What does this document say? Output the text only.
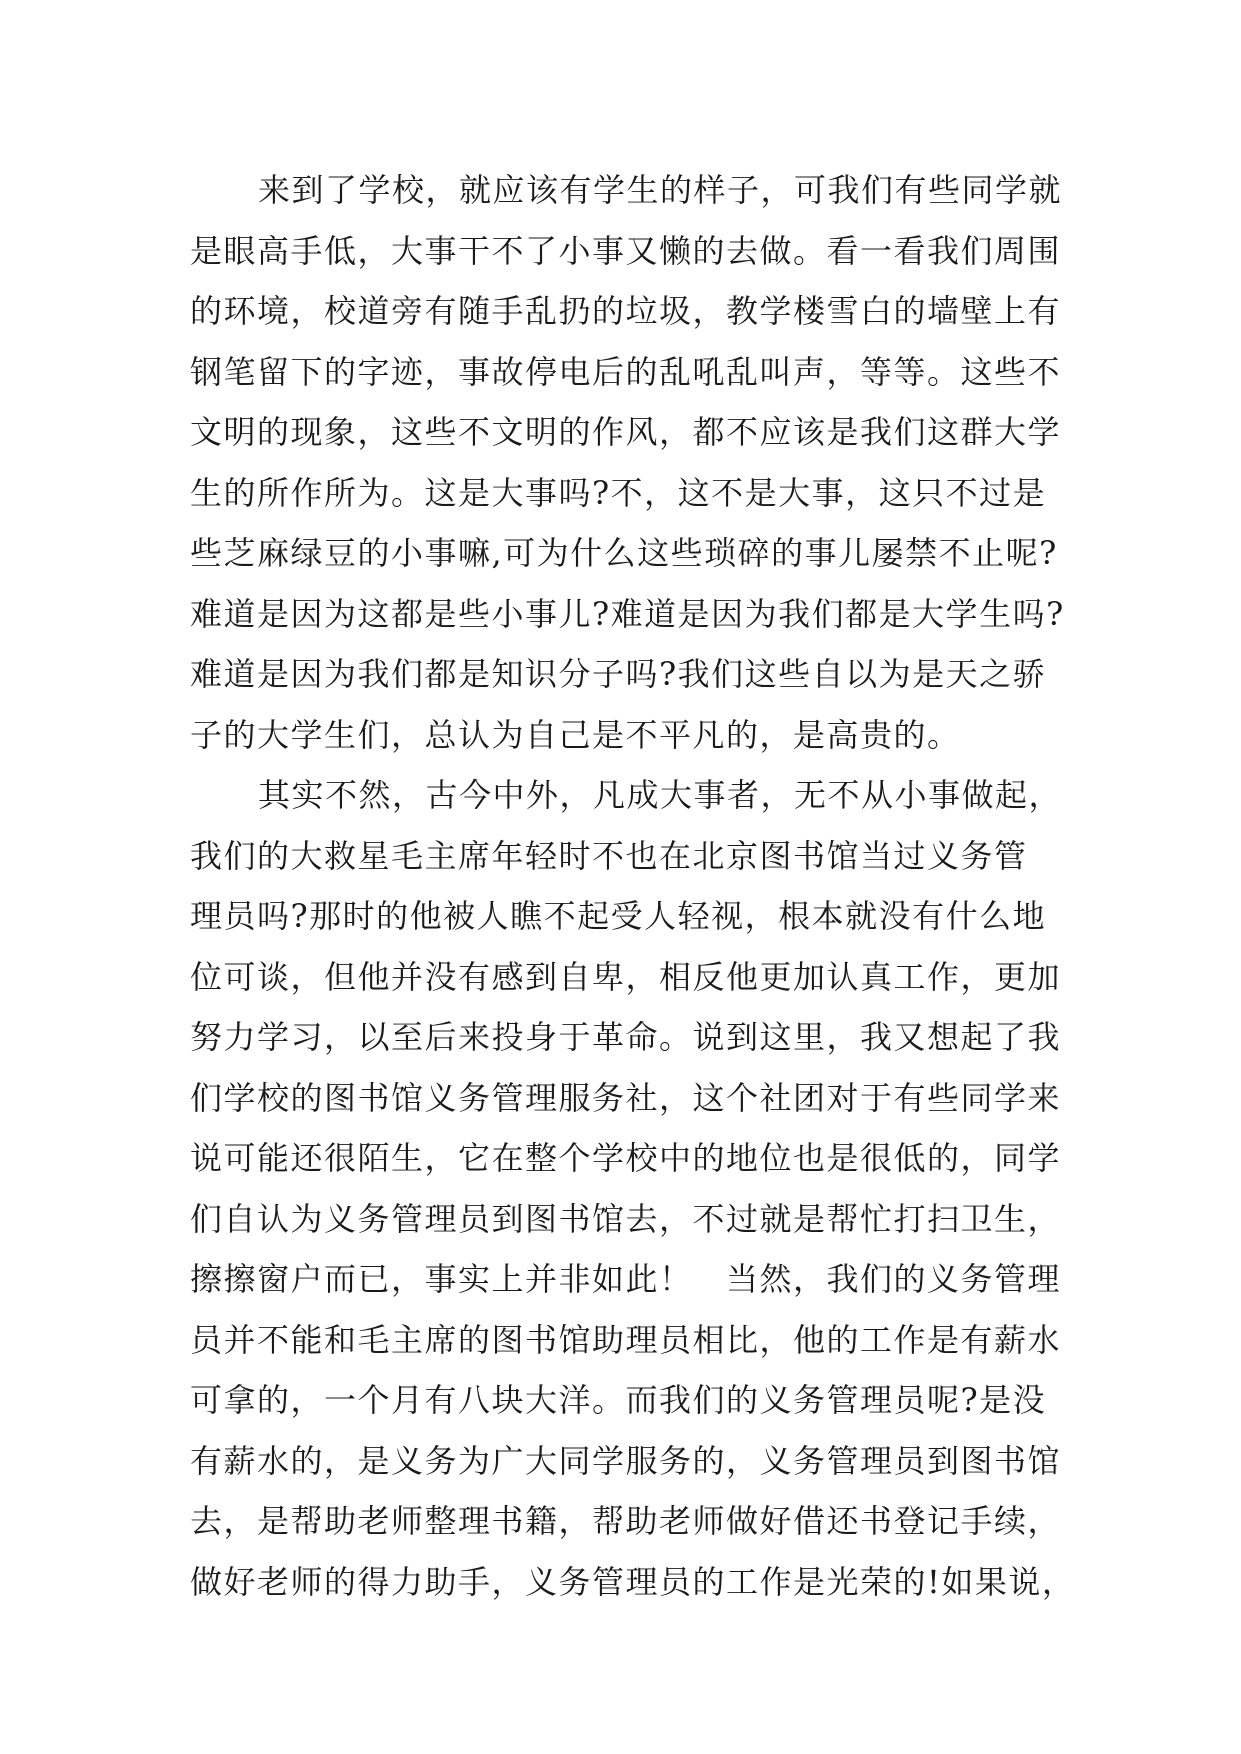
来到了学校，就应该有学生的样子，可我们有些同学就
是眼高手低，大事干不了小事又懒的去做。看一看我们周围
的环境，校道旁有随手乱扔的垃圾，教学楼雪白的墙壁上有
钢笔留下的字迹，事故停电后的乱吼乱叫声，等等。这些不
文明的现象，这些不文明的作风，都不应该是我们这群大学
生的所作所为。这是大事吗?不，这不是大事，这只不过是
些芝麻绿豆的小事嘛,可为什么这些琐碎的事儿屡禁不止呢?
难道是因为这都是些小事儿?难道是因为我们都是大学生吗?
难道是因为我们都是知识分子吗?我们这些自以为是天之骄
子的大学生们，总认为自己是不平凡的，是高贵的。
其实不然，古今中外，凡成大事者，无不从小事做起，
我们的大救星毛主席年轻时不也在北京图书馆当过义务管
理员吗?那时的他被人瞧不起受人轻视，根本就没有什么地
位可谈，但他并没有感到自卑，相反他更加认真工作，更加
努力学习，以至后来投身于革命。说到这里，我又想起了我
们学校的图书馆义务管理服务社，这个社团对于有些同学来
说可能还很陌生，它在整个学校中的地位也是很低的，同学
们自认为义务管理员到图书馆去，不过就是帮忙打扫卫生，
擦擦窗户而已，事实上并非如此！　当然，我们的义务管理
员并不能和毛主席的图书馆助理员相比，他的工作是有薪水
可拿的，一个月有八块大洋。而我们的义务管理员呢?是没
有薪水的，是义务为广大同学服务的，义务管理员到图书馆
去，是帮助老师整理书籍，帮助老师做好借还书登记手续，
做好老师的得力助手，义务管理员的工作是光荣的!如果说，
